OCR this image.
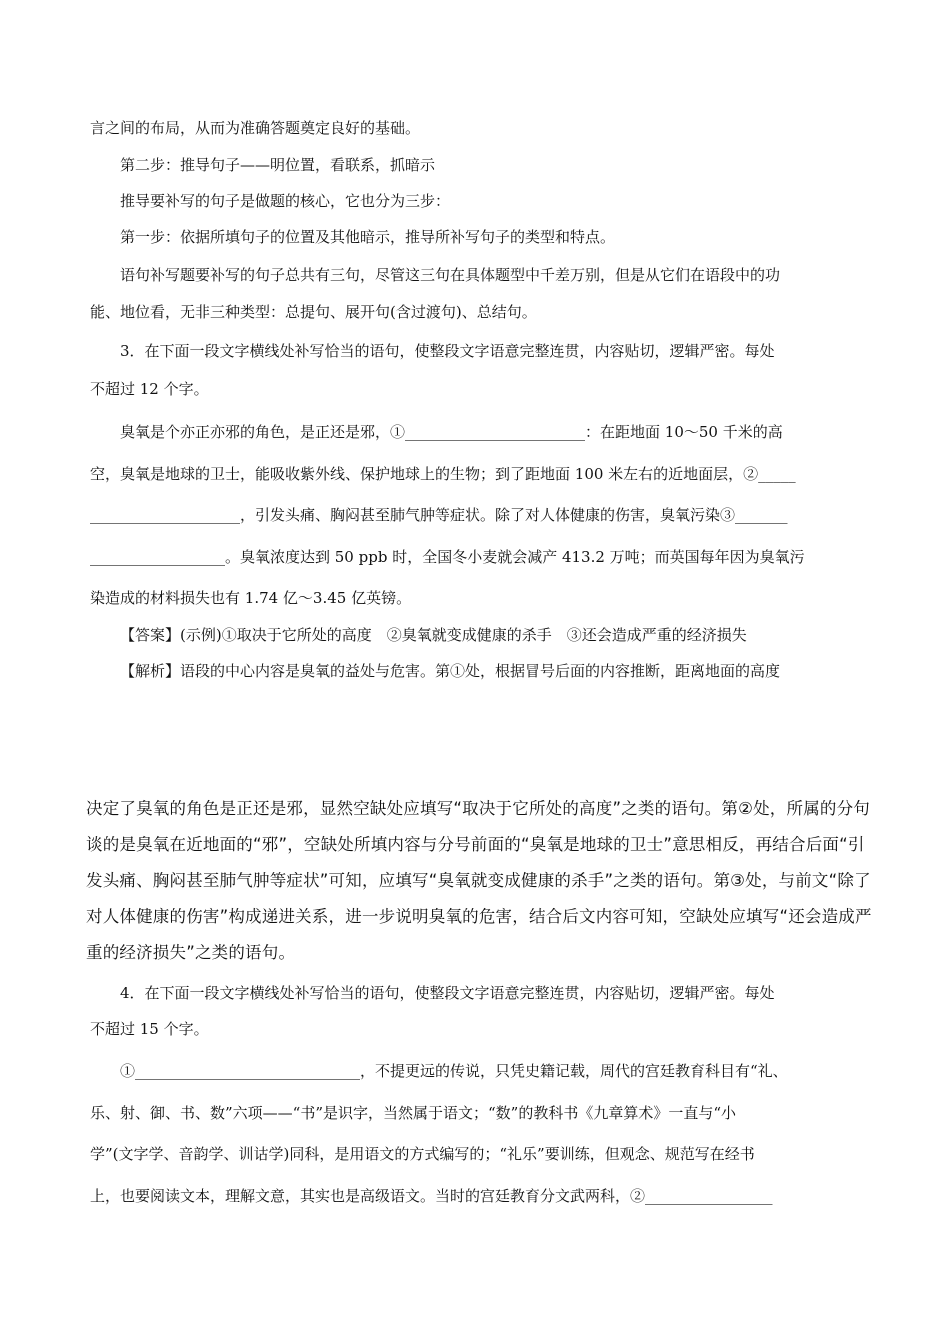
言之间的布局，从而为准确答题奠定良好的基础。
第二步：推导句子——明位置，看联系，抓暗示
推导要补写的句子是做题的核心，它也分为三步：
第一步：依据所填句子的位置及其他暗示，推导所补写句子的类型和特点。
语句补写题要补写的句子总共有三句，尽管这三句在具体题型中千差万别，但是从它们在语段中的功
能、地位看，无非三种类型：总提句、展开句(含过渡句)、总结句。
3．在下面一段文字横线处补写恰当的语句，使整段文字语意完整连贯，内容贴切，逻辑严密。每处
不超过 12 个字。
臭氧是个亦正亦邪的角色，是正还是邪，①________________________：在距地面 10～50 千米的高
空，臭氧是地球的卫士，能吸收紫外线、保护地球上的生物；到了距地面 100 米左右的近地面层，②_____
____________________，引发头痛、胸闷甚至肺气肿等症状。除了对人体健康的伤害，臭氧污染③_______
__________________。臭氧浓度达到 50 ppb 时，全国冬小麦就会减产 413.2 万吨；而英国每年因为臭氧污
染造成的材料损失也有 1.74 亿～3.45 亿英镑。
【答案】(示例)①取决于它所处的高度　②臭氧就变成健康的杀手　③还会造成严重的经济损失
【解析】语段的中心内容是臭氧的益处与危害。第①处，根据冒号后面的内容推断，距离地面的高度
决定了臭氧的角色是正还是邪，显然空缺处应填写“取决于它所处的高度”之类的语句。第②处，所属的分句
谈的是臭氧在近地面的“邪”，空缺处所填内容与分号前面的“臭氧是地球的卫士”意思相反，再结合后面“引
发头痛、胸闷甚至肺气肿等症状”可知，应填写“臭氧就变成健康的杀手”之类的语句。第③处，与前文“除了
对人体健康的伤害”构成递进关系，进一步说明臭氧的危害，结合后文内容可知，空缺处应填写“还会造成严
重的经济损失”之类的语句。
4．在下面一段文字横线处补写恰当的语句，使整段文字语意完整连贯，内容贴切，逻辑严密。每处
不超过 15 个字。
①______________________________，不提更远的传说，只凭史籍记载，周代的宫廷教育科目有“礼、
乐、射、御、书、数”六项——“书”是识字，当然属于语文；“数”的教科书《九章算术》一直与“小
学”(文字学、音韵学、训诂学)同科，是用语文的方式编写的；“礼乐”要训练，但观念、规范写在经书
上，也要阅读文本，理解文意，其实也是高级语文。当时的宫廷教育分文武两科，②_________________
